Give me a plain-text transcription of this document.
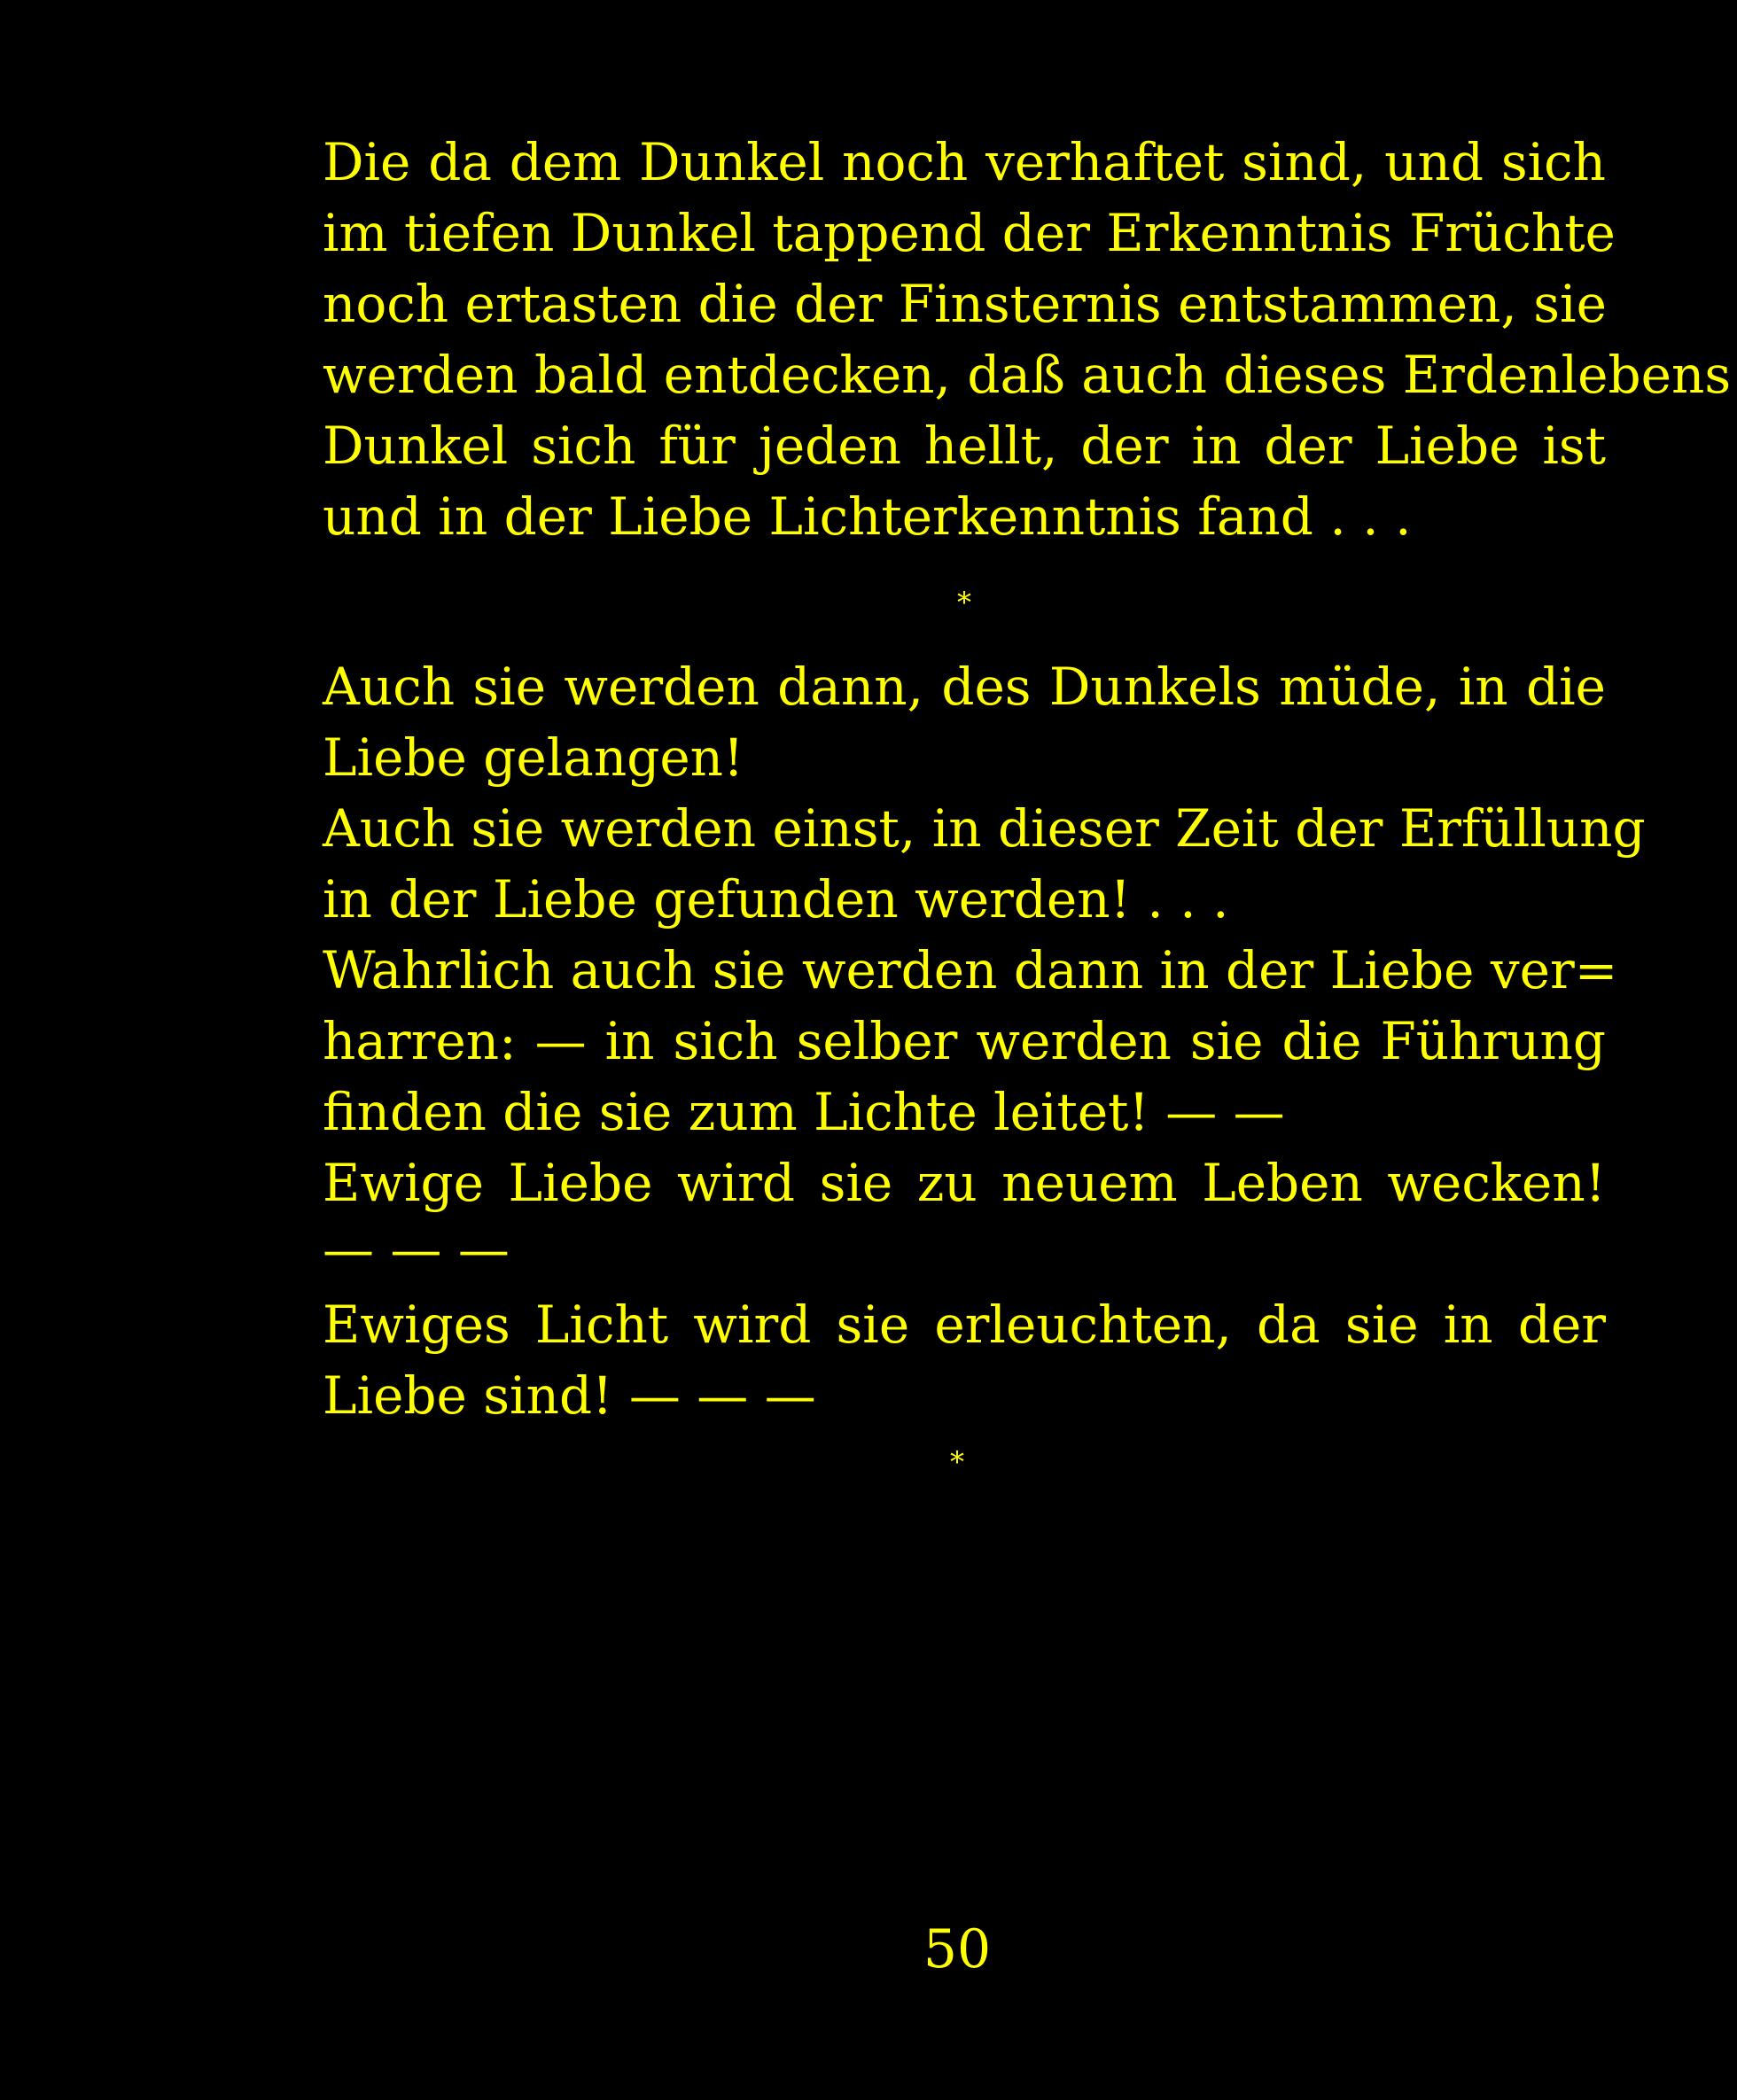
Die da dem Dunkel noch verhaftet sind, und sich
im tiefen Dunkel tappend der Erkenntnis Früchte
noch ertasten die der Finsternis entstammen, sie
werden bald entdecken, daß auch dieses Erdenlebens
Dunkel sich für jeden hellt, der in der Liebe ist
und in der Liebe Lichterkenntnis fand . . .
*
Auch sie werden dann, des Dunkels müde, in die
Liebe gelangen!
Auch sie werden einst, in dieser Zeit der Erfüllung
in der Liebe gefunden werden! . . .
Wahrlich auch sie werden dann in der Liebe ver=
harren: — in sich selber werden sie die Führung
finden die sie zum Lichte leitet! — —
Ewige Liebe wird sie zu neuem Leben wecken!
— — —
Ewiges Licht wird sie erleuchten, da sie in der
Liebe sind! — — —
*
50
